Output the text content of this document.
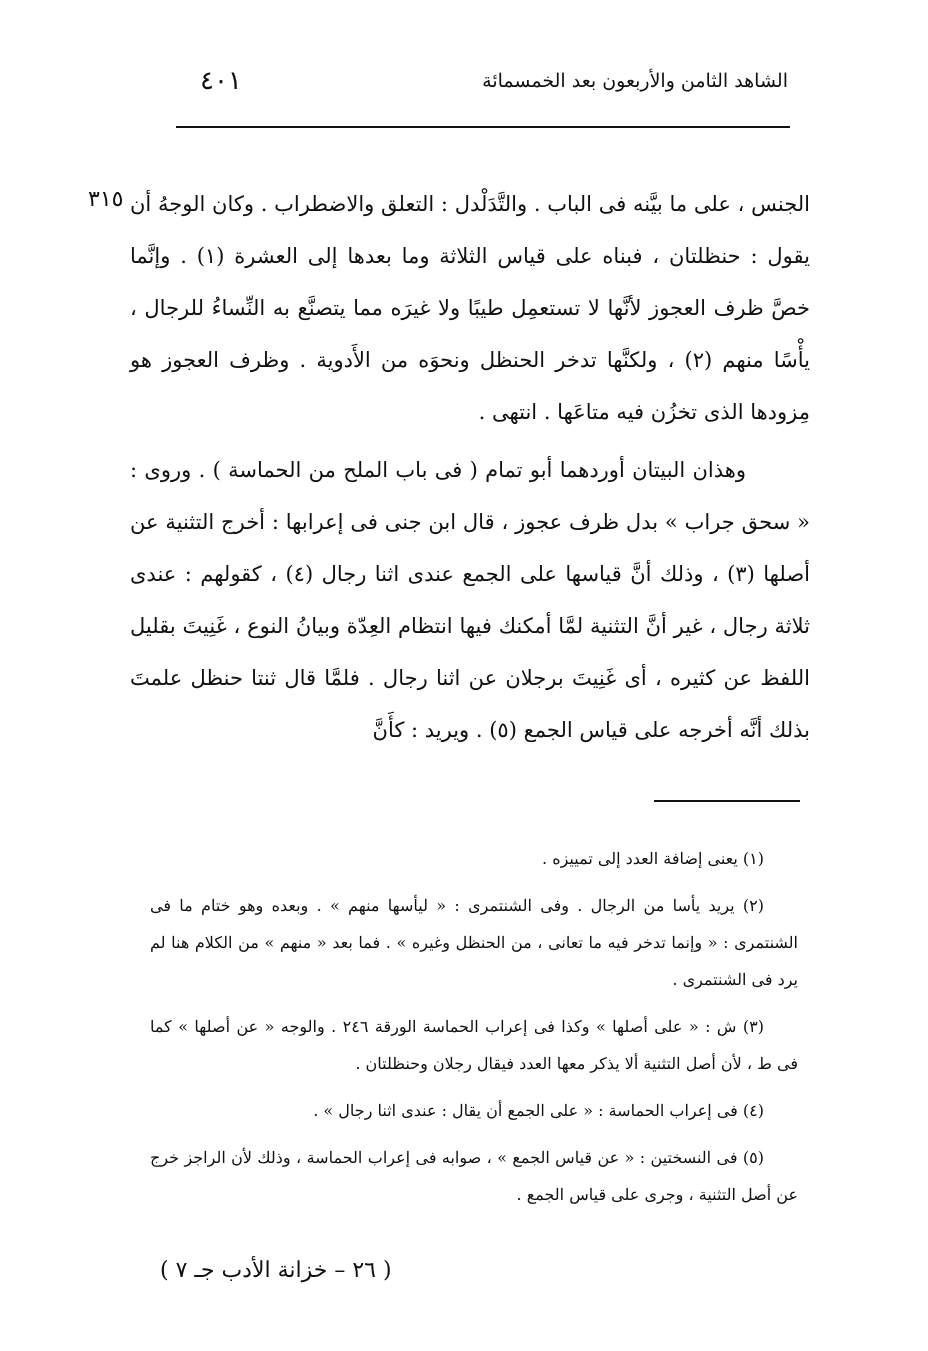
الشاهد الثامن والأربعون بعد الخمسمائة
٤٠١
٣١٥ الجنس ، على ما بيَّنه فى الباب . والتَّدَلْدل : التعلق والاضطراب . وكان الوجهُ أن يقول : حنظلتان ، فبناه على قياس الثلاثة وما بعدها إلى العشرة (١) . وإنَّما خصَّ ظرف العجوز لأنَّها لا تستعمِل طيبًا ولا غيرَه مما يتصنَّع به النِّساءُ للرجال ، يأْسًا منهم (٢) ، ولكنَّها تدخر الحنظل ونحوَه من الأَدوية . وظرف العجوز هو مِزودها الذى تخزُن فيه متاعَها . انتهى .

وهذان البيتان أوردهما أبو تمام ( فى باب الملح من الحماسة ) . وروى : « سحق جراب » بدل ظرف عجوز ، قال ابن جنى فى إعرابها : أخرج التثنية عن أصلها (٣) ، وذلك أنَّ قياسها على الجمع عندى اثنا رجال (٤) ، كقولهم : عندى ثلاثة رجال ، غير أنَّ التثنية لمَّا أمكنك فيها انتظام العِدّة وبيانُ النوع ، غَنِيتَ بقليل اللفظ عن كثيره ، أى غَنِيتَ برجلان عن اثنا رجال . فلمَّا قال ثنتا حنظل علمتَ بذلك أنَّه أخرجه على قياس الجمع (٥) . ويريد : كأَنَّ

(١) يعنى إضافة العدد إلى تمييزه .

(٢) يريد يأسا من الرجال . وفى الشنتمرى : « ليأسها منهم » . وبعده وهو ختام ما فى الشنتمرى : « وإنما تدخر فيه ما تعانى ، من الحنظل وغيره » . فما بعد « منهم » من الكلام هنا لم يرد فى الشنتمرى .

(٣) ش : « على أصلها » وكذا فى إعراب الحماسة الورقة ٢٤٦ . والوجه « عن أصلها » كما فى ط ، لأن أصل التثنية ألا يذكر معها العدد فيقال رجلان وحنظلتان .

(٤) فى إعراب الحماسة : « على الجمع أن يقال : عندى اثنا رجال » .

(٥) فى النسختين : « عن قياس الجمع » ، صوابه فى إعراب الحماسة ، وذلك لأن الراجز خرج عن أصل التثنية ، وجرى على قياس الجمع .

( ٢٦ – خزانة الأدب جـ ٧ )
